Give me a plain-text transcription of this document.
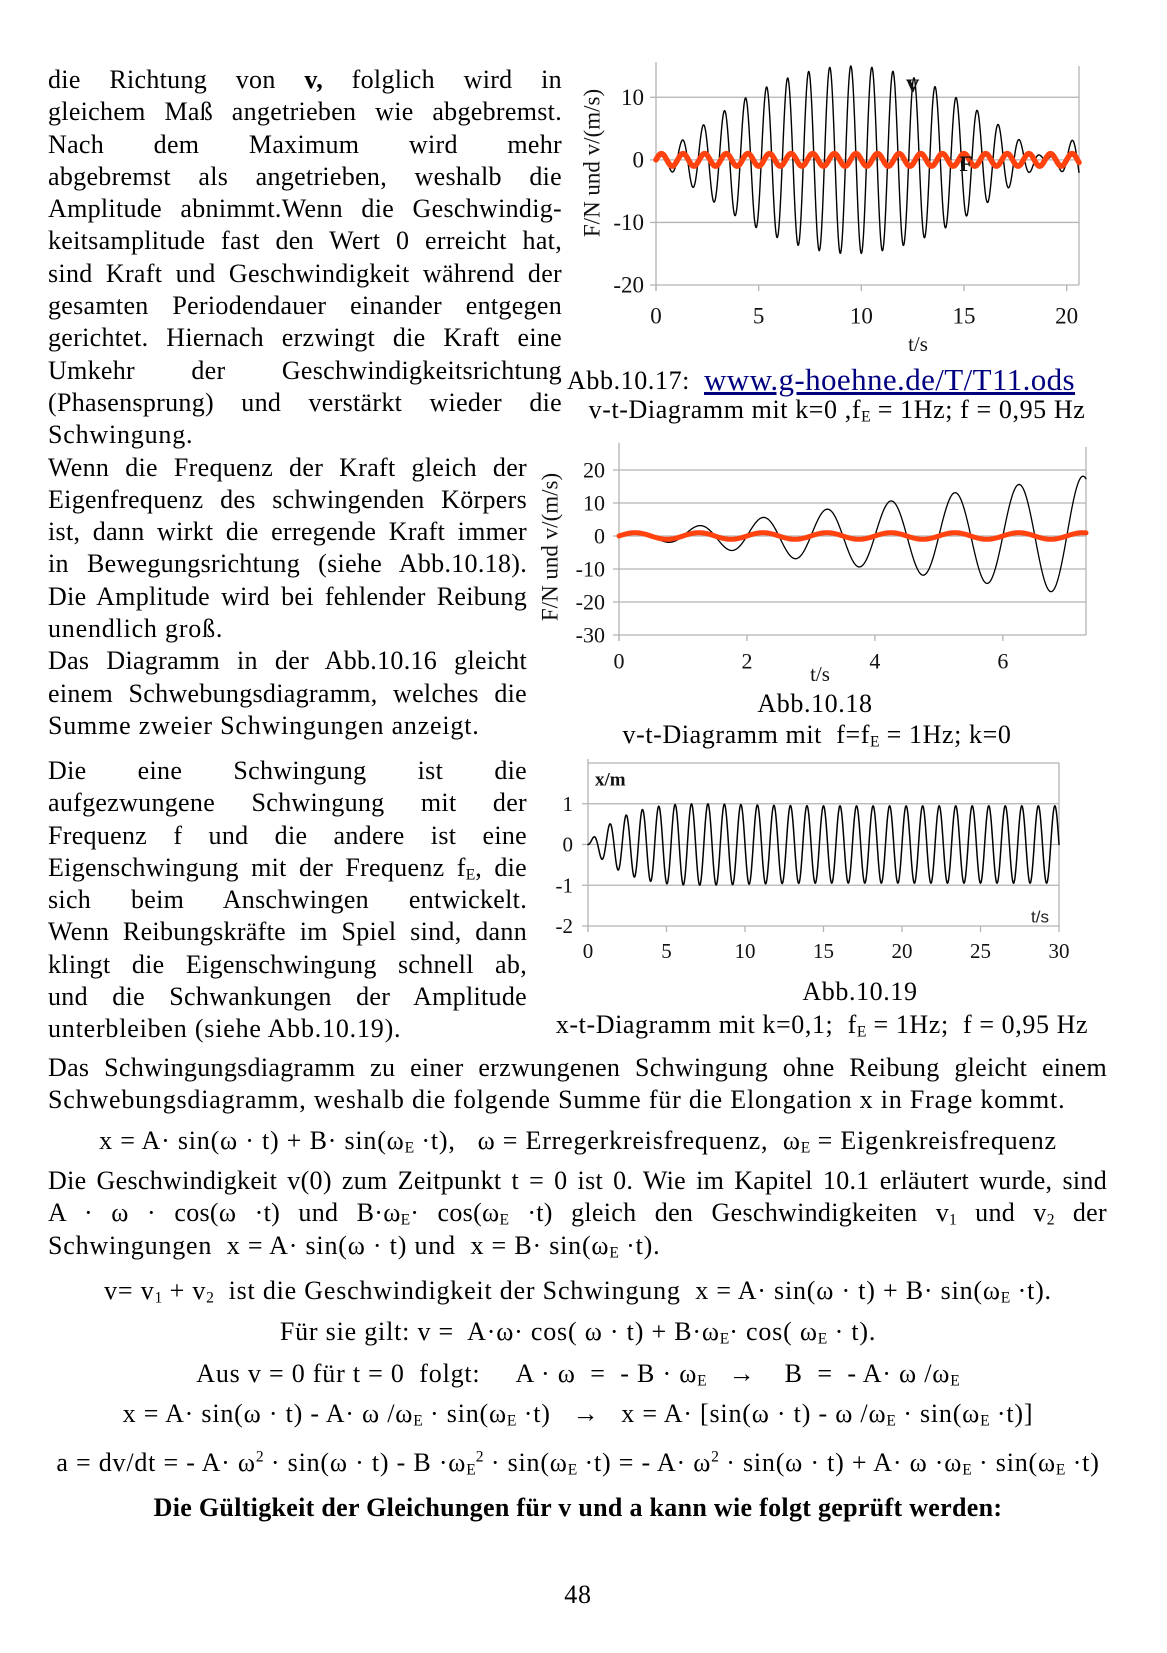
die Richtung von v, folglich wird in
gleichem Maß angetrieben wie abgebremst.
Nach dem Maximum wird mehr
abgebremst als angetrieben, weshalb die
Amplitude abnimmt.Wenn die Geschwindig-
keitsamplitude fast den Wert 0 erreicht hat,
sind Kraft und Geschwindigkeit während der
gesamten Periodendauer einander entgegen
gerichtet. Hiernach erzwingt die Kraft eine
Umkehr der Geschwindigkeitsrichtung
(Phasensprung) und verstärkt wieder die
Schwingung.
Wenn die Frequenz der Kraft gleich der
Eigenfrequenz des schwingenden Körpers
ist, dann wirkt die erregende Kraft immer
in Bewegungsrichtung (siehe Abb.10.18).
Die Amplitude wird bei fehlender Reibung
unendlich groß.
Das Diagramm in der Abb.10.16 gleicht
einem Schwebungsdiagramm, welches die
Summe zweier Schwingungen anzeigt.
Die eine Schwingung ist die
aufgezwungene Schwingung mit der
Frequenz f und die andere ist eine
Eigenschwingung mit der Frequenz $f_E$, die
sich beim Anschwingen entwickelt.
Wenn Reibungskräfte im Spiel sind, dann
klingt die Eigenschwingung schnell ab,
und die Schwankungen der Amplitude
unterbleiben (siehe Abb.10.19).
-20
-10
0
10
0	5	10	15	20
v
F
F/N und v/(m/s)
t/s
Abb.10.17: www.g-hoehne.de/T/T11.ods
v-t-Diagramm mit k=0 $,f_E = 1Hz$; f = 0,95 Hz
-30
-20
-10
0
10
20
0	2	4	6
F/N und v/(m/s)
t/s
Abb.10.18
v-t-Diagramm mit  $f=f_E = 1Hz$; k=0
-2
-1
0
1
0	5	10	15	20	25	30
x/m
t/s
Abb.10.19
x-t-Diagramm mit k=0,1;  $f_E = 1Hz$;  f = 0,95 Hz
Das Schwingungsdiagramm zu einer erzwungenen Schwingung ohne Reibung gleicht einem
Schwebungsdiagramm, weshalb die folgende Summe für die Elongation x in Frage kommt.
$x = A\cdot \sin(\omega \cdot t) + B\cdot \sin(\omega_E \cdot t)$,   ω = Erregerkreisfrequenz,  $\omega_E$ = Eigenkreisfrequenz
Die Geschwindigkeit v(0) zum Zeitpunkt t = 0 ist 0. Wie im Kapitel 10.1 erläutert wurde, sind
A · ω · cos(ω ·t) und $B\cdot\omega_E\cdot \cos(\omega_E \cdot t)$ gleich den Geschwindigkeiten $v_1$ und $v_2$ der
Schwingungen  x = A· sin(ω · t) und  $x = B\cdot \sin(\omega_E \cdot t)$.
$v= v_1 + v_2$  ist die Geschwindigkeit der Schwingung  $x = A\cdot \sin(\omega \cdot t) + B\cdot \sin(\omega_E \cdot t)$.
Für sie gilt: v =  A·ω· cos( $\omega \cdot t) + B\cdot\omega_E\cdot \cos$( $\omega_E \cdot t$).
Aus v = 0 für t = 0  folgt:     A · ω  =  - $B \cdot \omega_E$   →    B  =  - A· ω $/\omega_E$
x = A· sin(ω · t) - A· ω $/\omega_E \cdot \sin(\omega_E \cdot t) \to x = A\cdot [\sin(\omega \cdot t) - \omega$ $/\omega_E \cdot \sin(\omega_E \cdot t)$]
a = dv/dt = - $A\cdot \omega^2 \cdot \sin(\omega \cdot t) - B \cdot\omega_E^2 \cdot \sin(\omega_E \cdot t)$ = - $A\cdot \omega^2 \cdot \sin(\omega \cdot t) + A\cdot \omega \cdot\omega_E \cdot \sin(\omega_E \cdot t)$
Die Gültigkeit der Gleichungen für v und a kann wie folgt geprüft werden:
48
